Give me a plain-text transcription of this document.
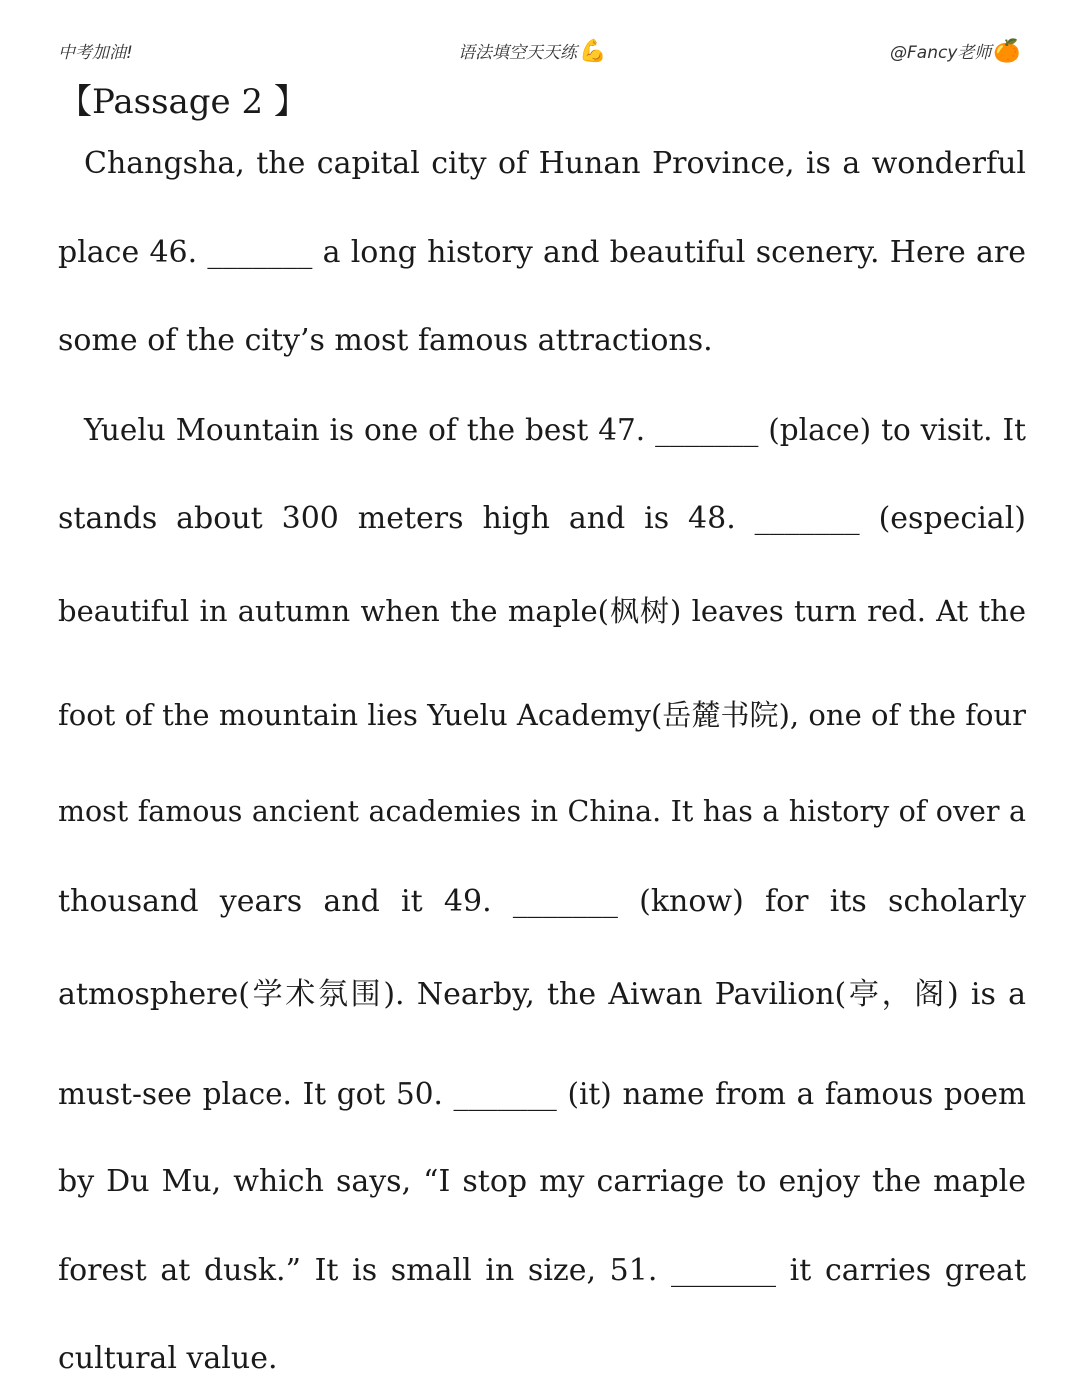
中考加油!	语法填空天天练💪	@Fancy老师🍊
【Passage 2 】
Changsha, the capital city of Hunan Province, is a wonderful
place 46. _______ a long history and beautiful scenery. Here are
some of the city’s most famous attractions.
Yuelu Mountain is one of the best 47. _______ (place) to visit. It
stands about 300 meters high and is 48. _______ (especial)
beautiful in autumn when the maple(枫树) leaves turn red. At the
foot of the mountain lies Yuelu Academy(岳麓书院), one of the four
most famous ancient academies in China. It has a history of over a
thousand years and it 49. _______ (know) for its scholarly
atmosphere(学术氛围). Nearby, the Aiwan Pavilion(亭，阁) is a
must-see place. It got 50. _______ (it) name from a famous poem
by Du Mu, which says, “I stop my carriage to enjoy the maple
forest at dusk.” It is small in size, 51. _______ it carries great
cultural value.
